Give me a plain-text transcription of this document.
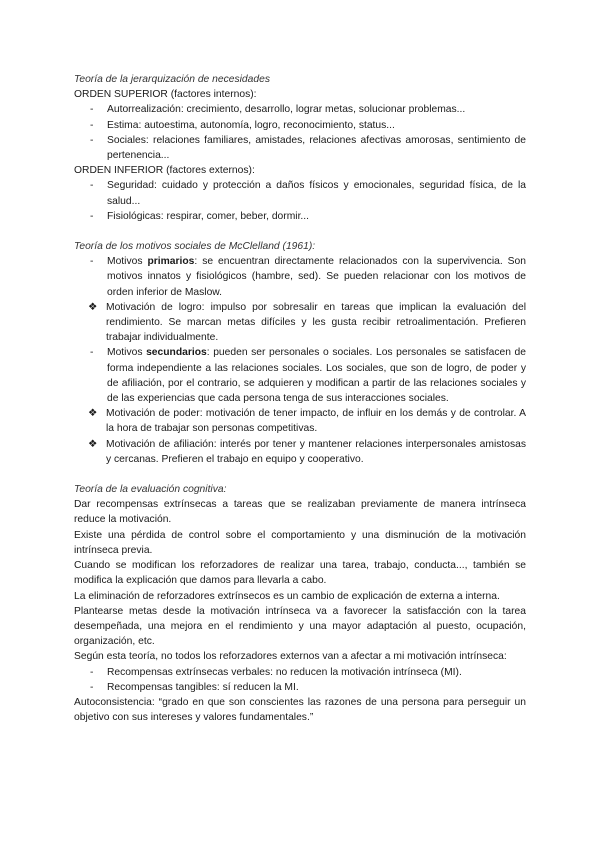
Teoría de la jerarquización de necesidades
ORDEN SUPERIOR (factores internos):
-	Autorrealización: crecimiento, desarrollo, lograr metas, solucionar problemas...
-	Estima: autoestima, autonomía, logro, reconocimiento, status...
-	Sociales: relaciones familiares, amistades, relaciones afectivas amorosas, sentimiento de pertenencia...
ORDEN INFERIOR (factores externos):
-	Seguridad: cuidado y protección a daños físicos y emocionales, seguridad física, de la salud...
-	Fisiológicas: respirar, comer, beber, dormir...
Teoría de los motivos sociales de McClelland (1961):
-	Motivos primarios: se encuentran directamente relacionados con la supervivencia. Son motivos innatos y fisiológicos (hambre, sed). Se pueden relacionar con los motivos de orden inferior de Maslow.
❖ Motivación de logro: impulso por sobresalir en tareas que implican la evaluación del rendimiento. Se marcan metas difíciles y les gusta recibir retroalimentación. Prefieren trabajar individualmente.
-	Motivos secundarios: pueden ser personales o sociales. Los personales se satisfacen de forma independiente a las relaciones sociales. Los sociales, que son de logro, de poder y de afiliación, por el contrario, se adquieren y modifican a partir de las relaciones sociales y de las experiencias que cada persona tenga de sus interacciones sociales.
❖ Motivación de poder: motivación de tener impacto, de influir en los demás y de controlar. A la hora de trabajar son personas competitivas.
❖ Motivación de afiliación: interés por tener y mantener relaciones interpersonales amistosas y cercanas. Prefieren el trabajo en equipo y cooperativo.
Teoría de la evaluación cognitiva:
Dar recompensas extrínsecas a tareas que se realizaban previamente de manera intrínseca reduce la motivación.
Existe una pérdida de control sobre el comportamiento y una disminución de la motivación intrínseca previa.
Cuando se modifican los reforzadores de realizar una tarea, trabajo, conducta..., también se modifica la explicación que damos para llevarla a cabo.
La eliminación de reforzadores extrínsecos es un cambio de explicación de externa a interna.
Plantearse metas desde la motivación intrínseca va a favorecer la satisfacción con la tarea desempeñada, una mejora en el rendimiento y una mayor adaptación al puesto, ocupación, organización, etc.
Según esta teoría, no todos los reforzadores externos van a afectar a mi motivación intrínseca:
-	Recompensas extrínsecas verbales: no reducen la motivación intrínseca (MI).
-	Recompensas tangibles: sí reducen la MI.
Autoconsistencia: “grado en que son conscientes las razones de una persona para perseguir un objetivo con sus intereses y valores fundamentales.”
